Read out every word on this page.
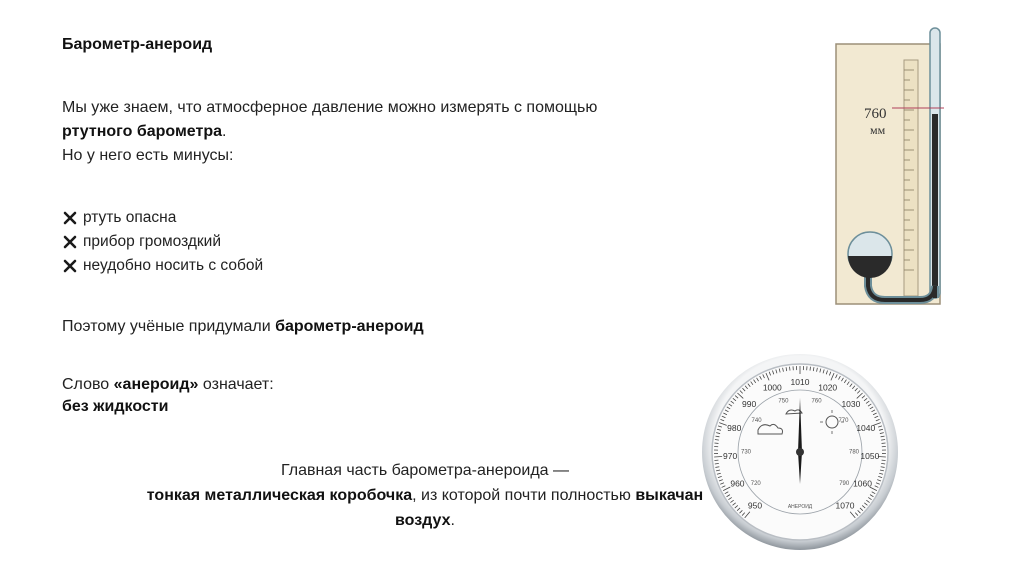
Барометр-анероид
Мы уже знаем, что атмосферное давление можно измерять с помощью ртутного барометра.
Но у него есть минусы:
ртуть опасна
прибор громоздкий
неудобно носить с собой
Поэтому учёные придумали барометр-анероид
Слово «анероид» означает:
без жидкости
Главная часть барометра-анероида —
тонкая металлическая коробочка, из которой почти полностью выкачан воздух.
760
мм
950
960
970
980
990
1000
1010
1020
1030
1040
1050
1060
1070
720
730
740
750	760
770
780
790
АНЕРОИД
